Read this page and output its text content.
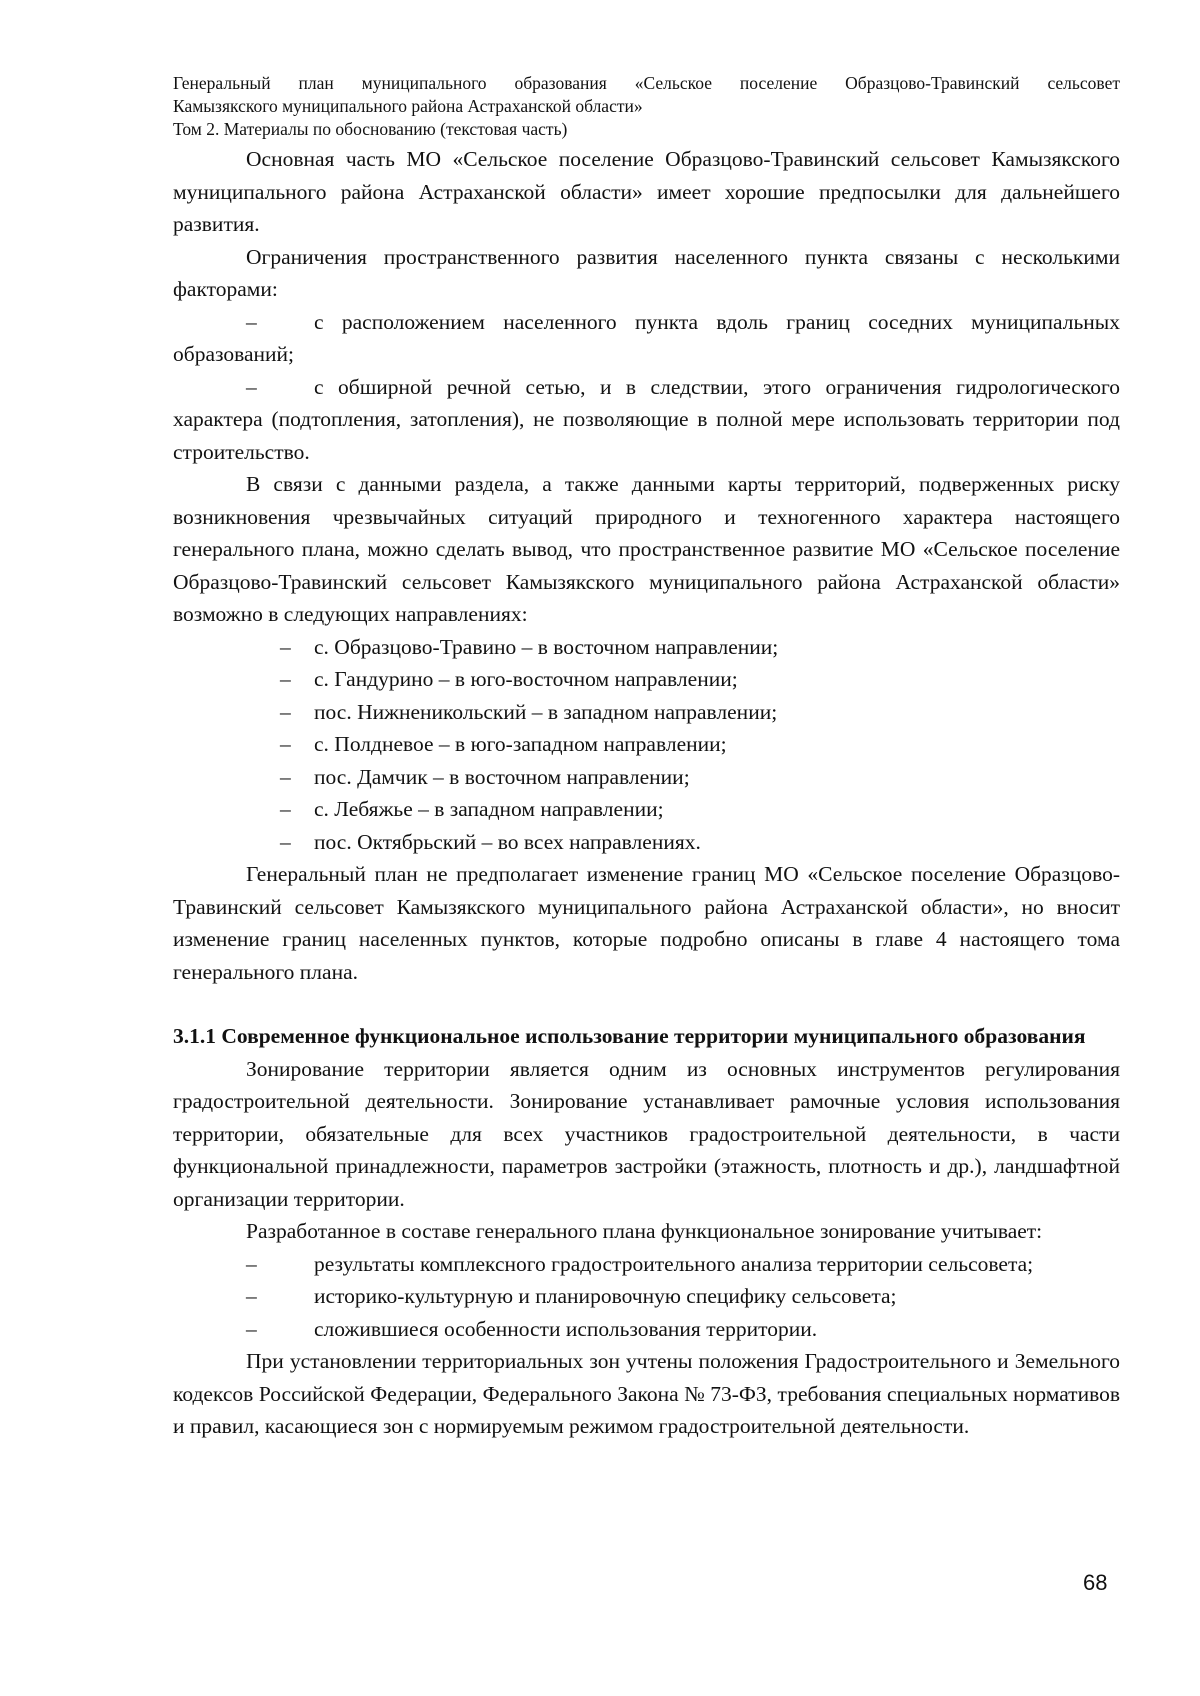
Генеральный план муниципального образования «Сельское поселение Образцово-Травинский сельсовет
Камызякского муниципального района Астраханской области»
Том 2. Материалы по обоснованию (текстовая часть)

Основная часть МО «Сельское поселение Образцово-Травинский сельсовет Камызякского муниципального района Астраханской области» имеет хорошие предпосылки для дальнейшего развития.

Ограничения пространственного развития населенного пункта связаны с несколькими факторами:

–	с расположением населенного пункта вдоль границ соседних муниципальных образований;

–	с обширной речной сетью, и в следствии, этого ограничения гидрологического характера (подтопления, затопления), не позволяющие в полной мере использовать территории под строительство.

В связи с данными раздела, а также данными карты территорий, подверженных риску возникновения чрезвычайных ситуаций природного и техногенного характера настоящего генерального плана, можно сделать вывод, что пространственное развитие МО «Сельское поселение Образцово-Травинский сельсовет Камызякского муниципального района Астраханской области» возможно в следующих направлениях:

–	с. Образцово-Травино – в восточном направлении;
–	с. Гандурино – в юго-восточном направлении;
–	пос. Нижненикольский – в западном направлении;
–	с. Полдневое – в юго-западном направлении;
–	пос. Дамчик – в восточном направлении;
–	с. Лебяжье – в западном направлении;
–	пос. Октябрьский – во всех направлениях.

Генеральный план не предполагает изменение границ МО «Сельское поселение Образцово-Травинский сельсовет Камызякского муниципального района Астраханской области», но вносит изменение границ населенных пунктов, которые подробно описаны в главе 4 настоящего тома генерального плана.

3.1.1 Современное функциональное использование территории муниципального образования

Зонирование территории является одним из основных инструментов регулирования градостроительной деятельности. Зонирование устанавливает рамочные условия использования территории, обязательные для всех участников градостроительной деятельности, в части функциональной принадлежности, параметров застройки (этажность, плотность и др.), ландшафтной организации территории.

Разработанное в составе генерального плана функциональное зонирование учитывает:

–	результаты комплексного градостроительного анализа территории сельсовета;

–	историко-культурную и планировочную специфику сельсовета;

–	сложившиеся особенности использования территории.

При установлении территориальных зон учтены положения Градостроительного и Земельного кодексов Российской Федерации, Федерального Закона № 73-ФЗ, требования специальных нормативов и правил, касающиеся зон с нормируемым режимом градостроительной деятельности.

68
